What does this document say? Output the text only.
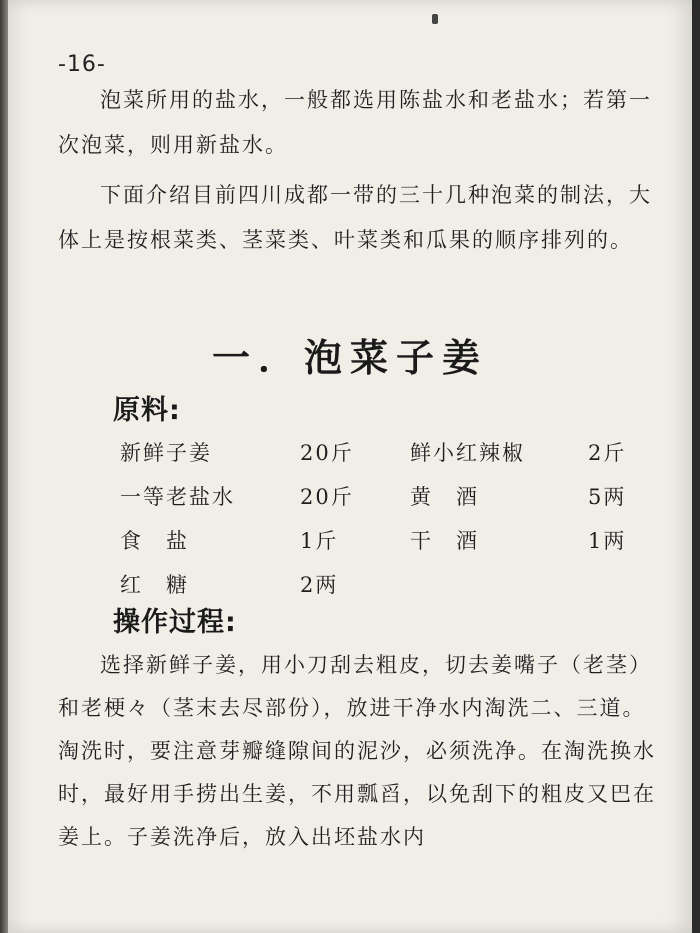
-16-

泡菜所用的盐水，一般都选用陈盐水和老盐水；若第一次泡菜，则用新盐水。

下面介绍目前四川成都一带的三十几种泡菜的制法，大体上是按根菜类、茎菜类、叶菜类和瓜果的顺序排列的。

一．泡菜子姜
原料:
新鲜子姜	20斤	鲜小红辣椒	2斤
一等老盐水	20斤	黄　酒	5两
食　盐	1斤	干　酒	1两
红　糖	2两
操作过程:

选择新鲜子姜，用小刀刮去粗皮，切去姜嘴子（老茎）和老梗々（茎末去尽部份），放进干净水内淘洗二、三道。淘洗时，要注意芽瓣缝隙间的泥沙，必须洗净。在淘洗换水时，最好用手捞出生姜，不用瓢舀，以免刮下的粗皮又巴在姜上。子姜洗净后，放入出坯盐水内
